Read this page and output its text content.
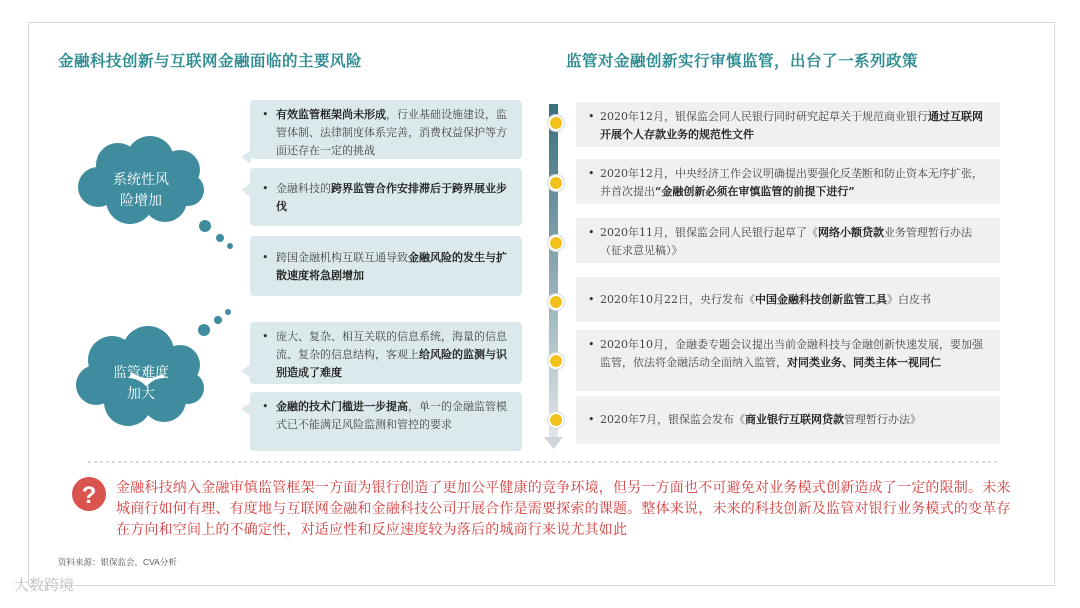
金融科技创新与互联网金融面临的主要风险	监管对金融创新实行审慎监管，出台了一系列政策
?
系统性风
险增加
监管难度
加大
• 有效监管框架尚未形成，行业基础设施建设，监管体制、法律制度体系完善，消费权益保护等方面还存在一定的挑战
• 金融科技的跨界监管合作安排滞后于跨界展业步伐
• 跨国金融机构互联互通导致金融风险的发生与扩散速度将急剧增加
• 庞大、复杂、相互关联的信息系统，海量的信息流、复杂的信息结构，客观上给风险的监测与识别造成了难度
• 金融的技术门槛进一步提高，单一的金融监管模式已不能满足风险监测和管控的要求
• 2020年12月，银保监会同人民银行同时研究起草关于规范商业银行通过互联网开展个人存款业务的规范性文件
• 2020年12月，中央经济工作会议明确提出要强化反垄断和防止资本无序扩张，并首次提出“金融创新必须在审慎监管的前提下进行”
• 2020年11月，银保监会同人民银行起草了《网络小额贷款业务管理暂行办法（征求意见稿）》
• 2020年10月22日，央行发布《中国金融科技创新监管工具》白皮书
• 2020年10月，金融委专题会议提出当前金融科技与金融创新快速发展，要加强监管，依法将金融活动全面纳入监管，对同类业务、同类主体一视同仁
• 2020年7月，银保监会发布《商业银行互联网贷款管理暂行办法》
金融科技纳入金融审慎监管框架一方面为银行创造了更加公平健康的竞争环境，但另一方面也不可避免对业务模式创新造成了一定的限制。未来城商行如何有理、有度地与互联网金融和金融科技公司开展合作是需要探索的课题。整体来说，未来的科技创新及监管对银行业务模式的变革存在方向和空间上的不确定性，对适应性和反应速度较为落后的城商行来说尤其如此
资料来源：银保监会，CVA分析
大数跨境
